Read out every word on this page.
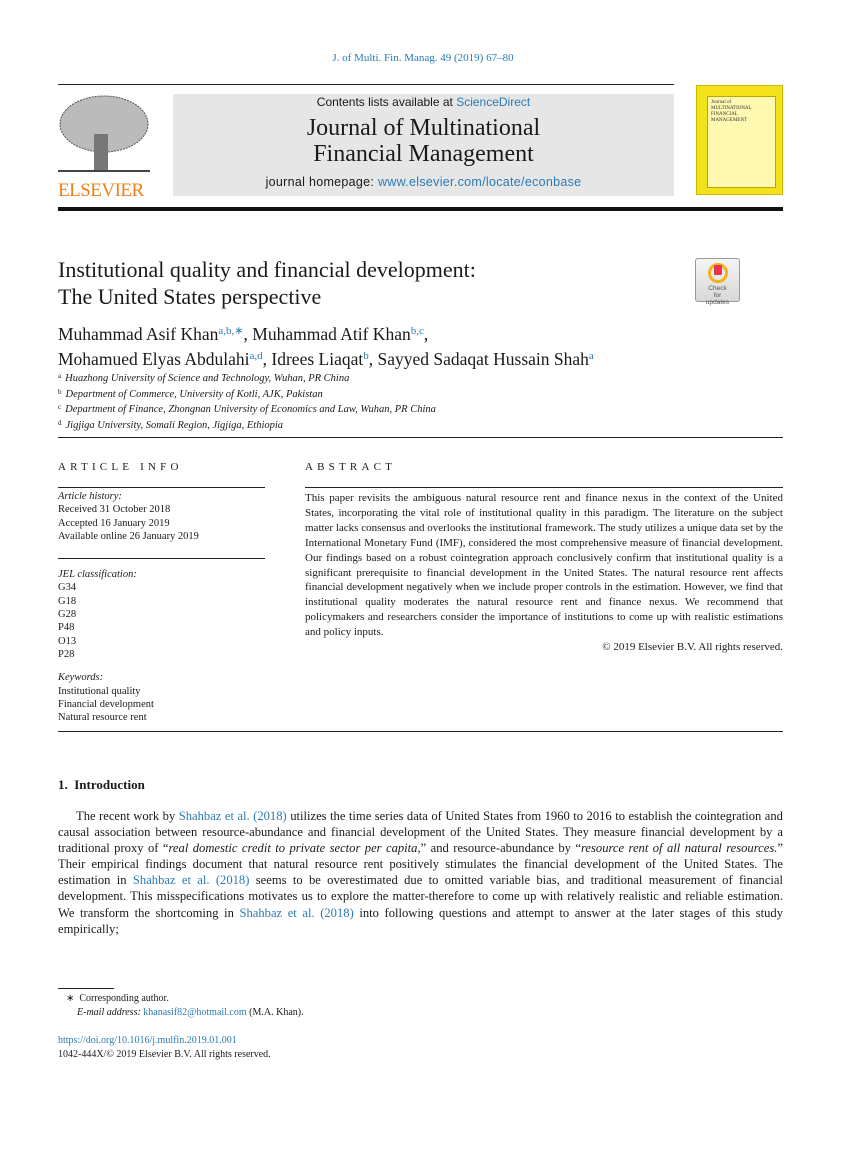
J. of Multi. Fin. Manag. 49 (2019) 67–80
ELSEVIER
Contents lists available at ScienceDirect
Journal of Multinational Financial Management
journal homepage: www.elsevier.com/locate/econbase
Journal of MULTINATIONAL FINANCIAL MANAGEMENT
Institutional quality and financial development:
The United States perspective	Check for updates
Muhammad Asif Khan$^{a,b,∗}$, Muhammad Atif Khan$^{b,c}$,
Mohamued Elyas Abdulahi$^{a,d}$, Idrees Liaqat$^b$, Sayyed Sadaqat Hussain Shah$^a$
$^a$ Huazhong University of Science and Technology, Wuhan, PR China
$^b$ Department of Commerce, University of Kotli, AJK, Pakistan
$^c$ Department of Finance, Zhongnan University of Economics and Law, Wuhan, PR China
$^d$ Jigjiga University, Somali Region, Jigjiga, Ethiopia
ARTICLE INFO	ABSTRACT
Article history:
Received 31 October 2018
Accepted 16 January 2019
Available online 26 January 2019
JEL classification:
G34
G18
G28
P48
O13
P28
Keywords:
Institutional quality
Financial development
Natural resource rent
This paper revisits the ambiguous natural resource rent and finance nexus in the context of the United States, incorporating the vital role of institutional quality in this paradigm. The literature on the subject matter lacks consensus and overlooks the institutional framework. The study utilizes a unique data set by the International Monetary Fund (IMF), considered the most comprehensive measure of financial development. Our findings based on a robust cointegration approach conclusively confirm that institutional quality is a significant prerequisite to financial development in the United States. The natural resource rent affects financial development negatively when we include proper controls in the estimation. However, we find that institutional quality moderates the natural resource rent and finance nexus. We recommend that policymakers and researchers consider the importance of institutions to come up with realistic estimations and policy inputs.
© 2019 Elsevier B.V. All rights reserved.
1.  Introduction
The recent work by Shahbaz et al. (2018) utilizes the time series data of United States from 1960 to 2016 to establish the cointegration and causal association between resource-abundance and financial development of the United States. They measure financial development by a traditional proxy of “real domestic credit to private sector per capita,” and resource-abundance by “resource rent of all natural resources.” Their empirical findings document that natural resource rent positively stimulates the financial development of the United States. The estimation in Shahbaz et al. (2018) seems to be overestimated due to omitted variable bias, and traditional measurement of financial development. This misspecifications motivates us to explore the matter-therefore to come up with relatively realistic and reliable estimation. We transform the shortcoming in Shahbaz et al. (2018) into following questions and attempt to answer at the later stages of this study empirically;
∗ Corresponding author.
E-mail address: khanasif82@hotmail.com (M.A. Khan).
https://doi.org/10.1016/j.mulfin.2019.01.001
1042-444X/© 2019 Elsevier B.V. All rights reserved.
